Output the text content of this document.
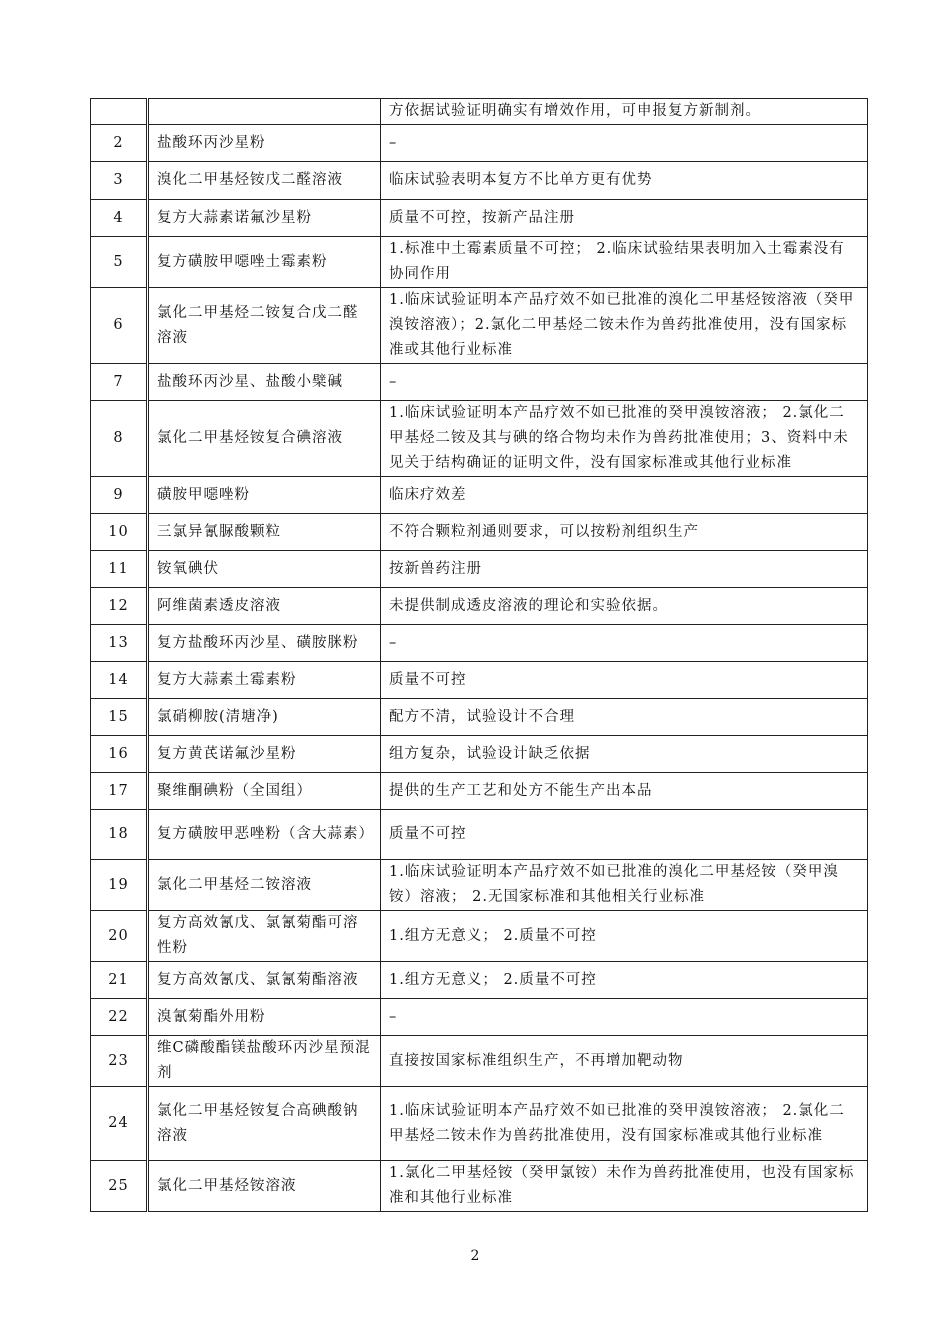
		方依据试验证明确实有增效作用，可申报复方新制剂。
2	盐酸环丙沙星粉	–
3	溴化二甲基烃铵戊二醛溶液	临床试验表明本复方不比单方更有优势
4	复方大蒜素诺氟沙星粉	质量不可控，按新产品注册
5	复方磺胺甲噁唑土霉素粉	1.标准中土霉素质量不可控； 2.临床试验结果表明加入土霉素没有协同作用
6	氯化二甲基烃二铵复合戊二醛溶液	1.临床试验证明本产品疗效不如已批准的溴化二甲基烃铵溶液（癸甲溴铵溶液）；2.氯化二甲基烃二铵未作为兽药批准使用，没有国家标准或其他行业标准
7	盐酸环丙沙星、盐酸小檗碱	–
8	氯化二甲基烃铵复合碘溶液	1.临床试验证明本产品疗效不如已批准的癸甲溴铵溶液； 2.氯化二甲基烃二铵及其与碘的络合物均未作为兽药批准使用；3、资料中未见关于结构确证的证明文件，没有国家标准或其他行业标准
9	磺胺甲噁唑粉	临床疗效差
10	三氯异氰脲酸颗粒	不符合颗粒剂通则要求，可以按粉剂组织生产
11	铵氧碘伏	按新兽药注册
12	阿维菌素透皮溶液	未提供制成透皮溶液的理论和实验依据。
13	复方盐酸环丙沙星、磺胺脒粉	–
14	复方大蒜素土霉素粉	质量不可控
15	氯硝柳胺(清塘净)	配方不清，试验设计不合理
16	复方黄芪诺氟沙星粉	组方复杂，试验设计缺乏依据
17	聚维酮碘粉（全国组）	提供的生产工艺和处方不能生产出本品
18	复方磺胺甲恶唑粉（含大蒜素）	质量不可控
19	氯化二甲基烃二铵溶液	1.临床试验证明本产品疗效不如已批准的溴化二甲基烃铵（癸甲溴铵）溶液； 2.无国家标准和其他相关行业标准
20	复方高效氰戊、氯氰菊酯可溶性粉	1.组方无意义； 2.质量不可控
21	复方高效氰戊、氯氰菊酯溶液	1.组方无意义； 2.质量不可控
22	溴氰菊酯外用粉	–
23	维C磷酸酯镁盐酸环丙沙星预混剂	直接按国家标准组织生产，不再增加靶动物
24	氯化二甲基烃铵复合高碘酸钠溶液	1.临床试验证明本产品疗效不如已批准的癸甲溴铵溶液； 2.氯化二甲基烃二铵未作为兽药批准使用，没有国家标准或其他行业标准
25	氯化二甲基烃铵溶液	1.氯化二甲基烃铵（癸甲氯铵）未作为兽药批准使用，也没有国家标准和其他行业标准
2
